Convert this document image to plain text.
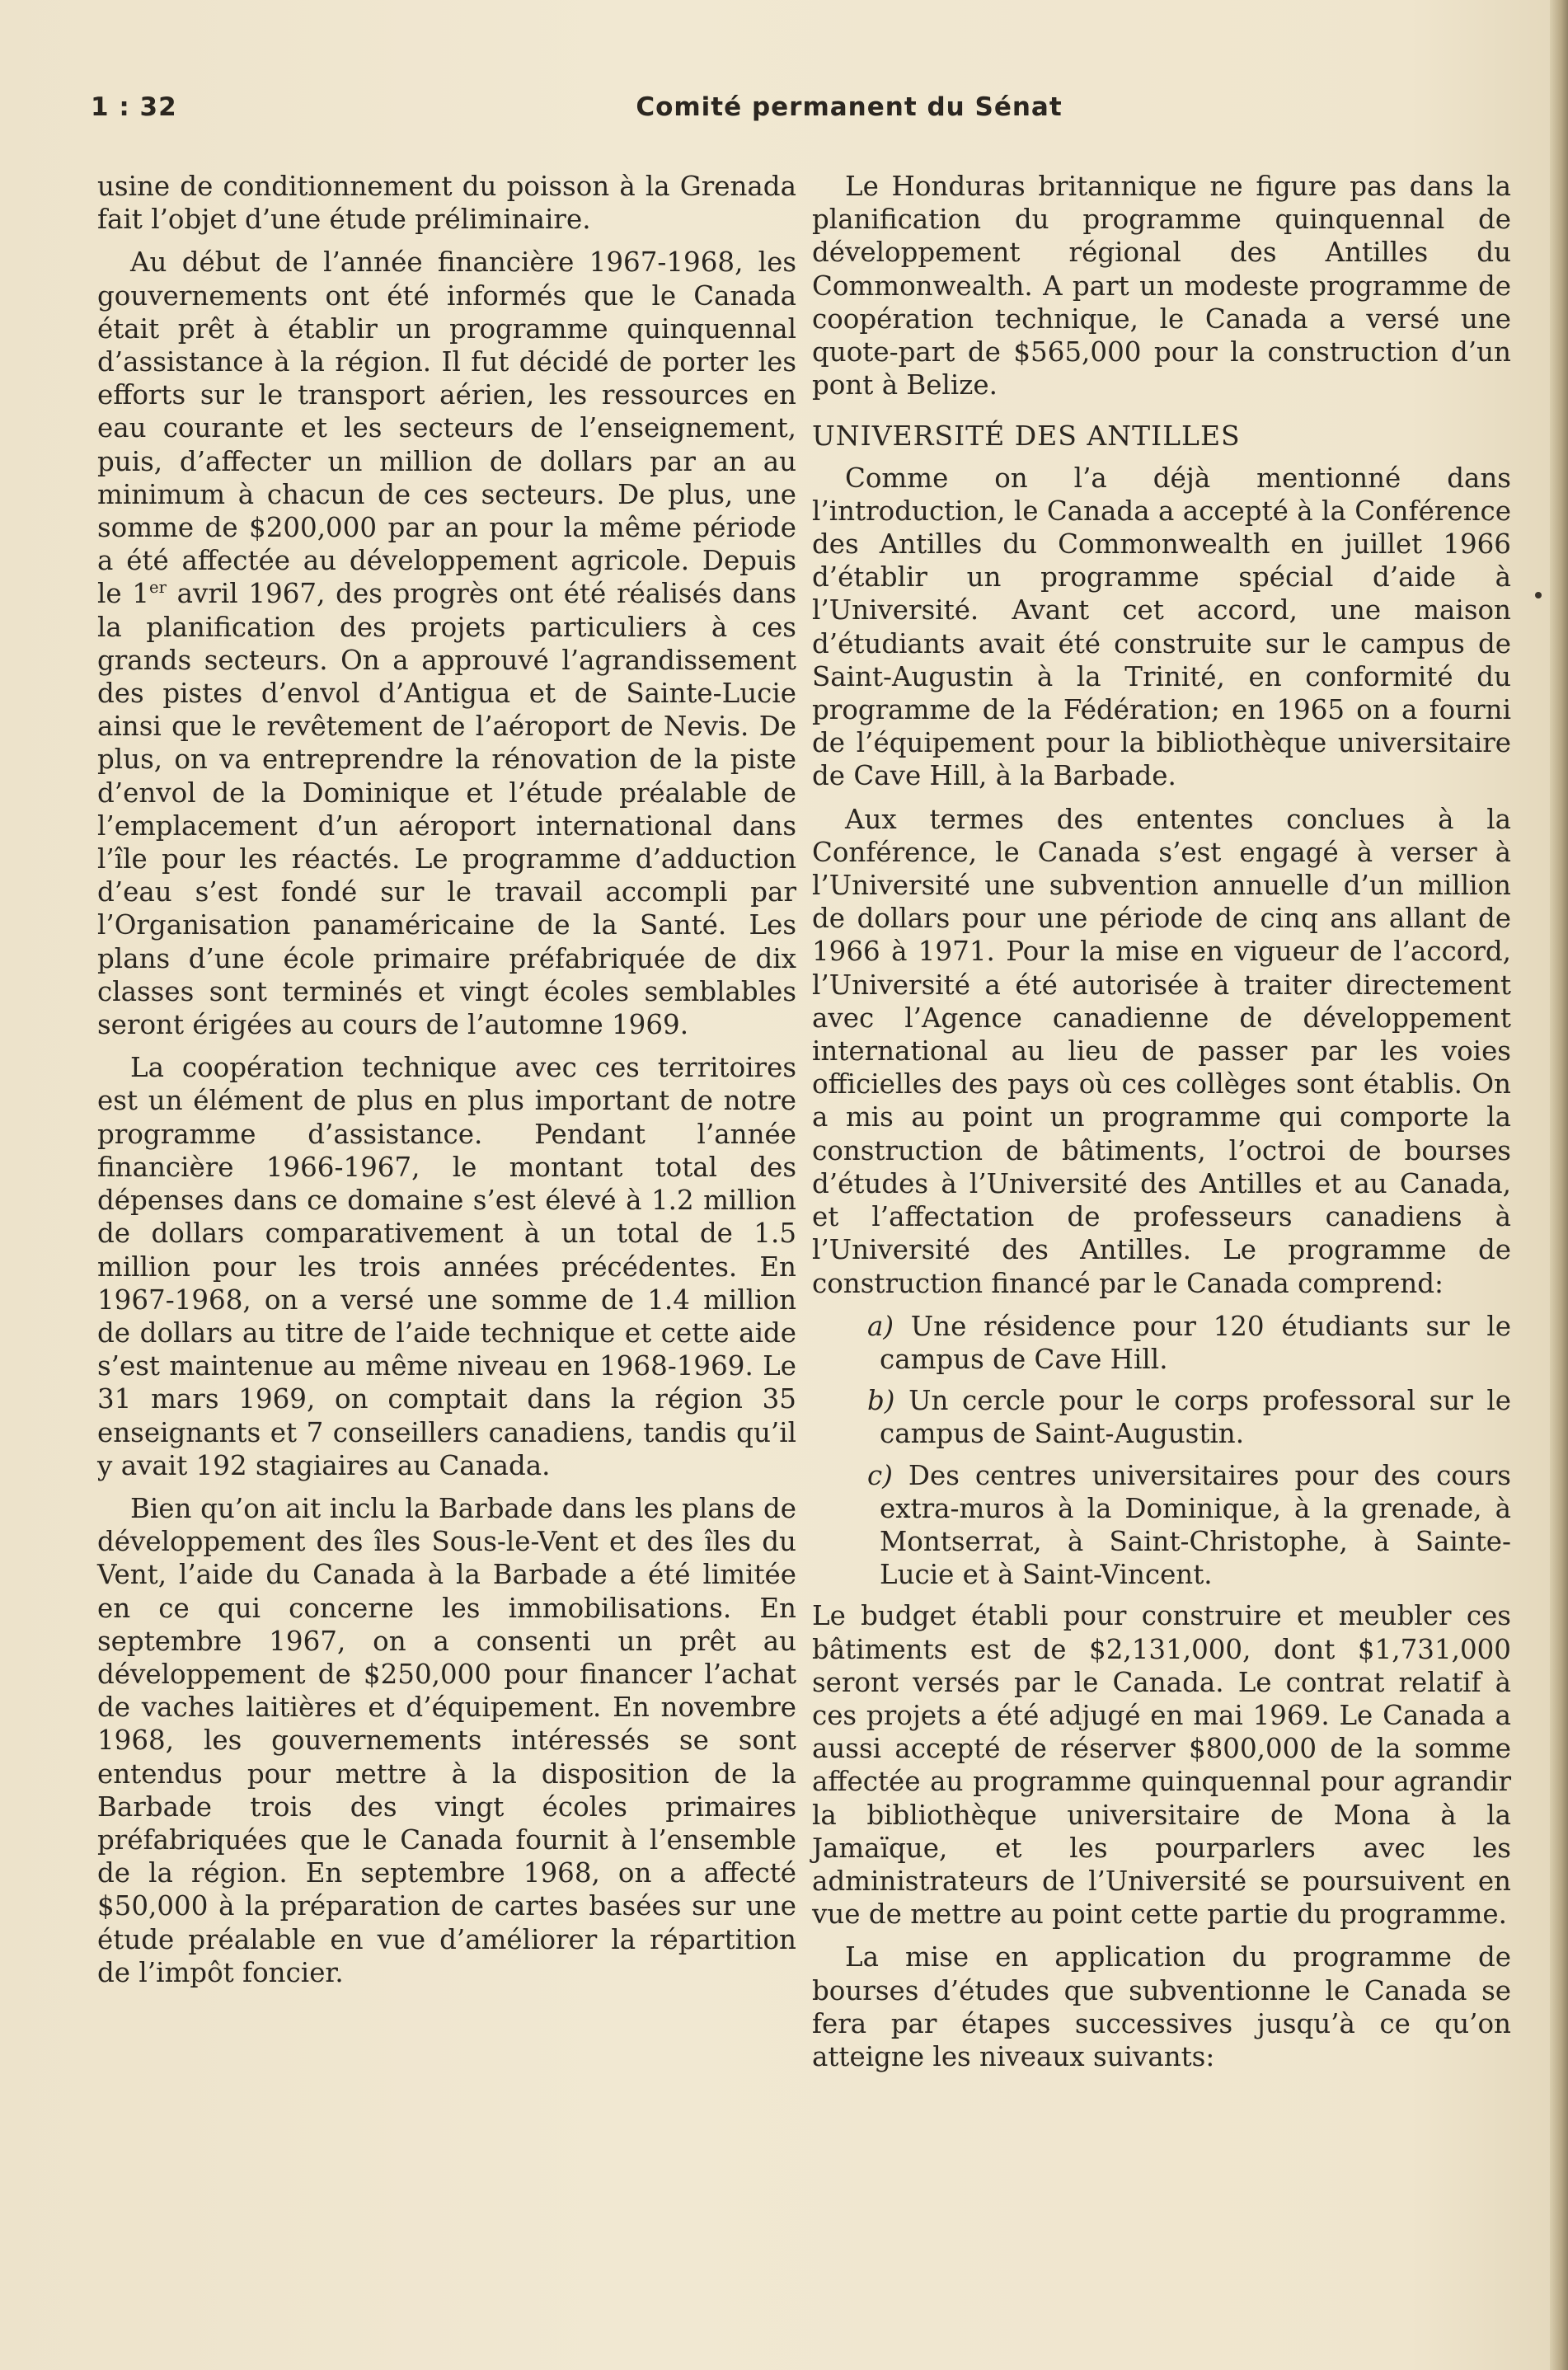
1 : 32	Comité permanent du Sénat

usine de conditionnement du poisson à la Grenada fait l’objet d’une étude préliminaire.

Au début de l’année financière 1967-1968, les gouvernements ont été informés que le Canada était prêt à établir un programme quinquennal d’assistance à la région. Il fut décidé de porter les efforts sur le transport aérien, les ressources en eau courante et les secteurs de l’enseignement, puis, d’affecter un million de dollars par an au minimum à chacun de ces secteurs. De plus, une somme de $200,000 par an pour la même période a été affectée au développement agricole. Depuis le 1er avril 1967, des progrès ont été réalisés dans la planification des projets particuliers à ces grands secteurs. On a approuvé l’agrandissement des pistes d’envol d’Antigua et de Sainte-Lucie ainsi que le revêtement de l’aéroport de Nevis. De plus, on va entreprendre la rénovation de la piste d’envol de la Dominique et l’étude préalable de l’emplacement d’un aéroport international dans l’île pour les réactés. Le programme d’adduction d’eau s’est fondé sur le travail accompli par l’Organisation panaméricaine de la Santé. Les plans d’une école primaire préfabriquée de dix classes sont terminés et vingt écoles semblables seront érigées au cours de l’automne 1969.

La coopération technique avec ces territoires est un élément de plus en plus important de notre programme d’assistance. Pendant l’année financière 1966-1967, le montant total des dépenses dans ce domaine s’est élevé à 1.2 million de dollars comparativement à un total de 1.5 million pour les trois années précédentes. En 1967-1968, on a versé une somme de 1.4 million de dollars au titre de l’aide technique et cette aide s’est maintenue au même niveau en 1968-1969. Le 31 mars 1969, on comptait dans la région 35 enseignants et 7 conseillers canadiens, tandis qu’il y avait 192 stagiaires au Canada.

Bien qu’on ait inclu la Barbade dans les plans de développement des îles Sous-le-Vent et des îles du Vent, l’aide du Canada à la Barbade a été limitée en ce qui concerne les immobilisations. En septembre 1967, on a consenti un prêt au développement de $250,000 pour financer l’achat de vaches laitières et d’équipement. En novembre 1968, les gouvernements intéressés se sont entendus pour mettre à la disposition de la Barbade trois des vingt écoles primaires préfabriquées que le Canada fournit à l’ensemble de la région. En septembre 1968, on a affecté $50,000 à la préparation de cartes basées sur une étude préalable en vue d’améliorer la répartition de l’impôt foncier.

Le Honduras britannique ne figure pas dans la planification du programme quinquennal de développement régional des Antilles du Commonwealth. A part un modeste programme de coopération technique, le Canada a versé une quote-part de $565,000 pour la construction d’un pont à Belize.

UNIVERSITÉ DES ANTILLES

Comme on l’a déjà mentionné dans l’introduction, le Canada a accepté à la Conférence des Antilles du Commonwealth en juillet 1966 d’établir un programme spécial d’aide à l’Université. Avant cet accord, une maison d’étudiants avait été construite sur le campus de Saint-Augustin à la Trinité, en conformité du programme de la Fédération; en 1965 on a fourni de l’équipement pour la bibliothèque universitaire de Cave Hill, à la Barbade.

Aux termes des ententes conclues à la Conférence, le Canada s’est engagé à verser à l’Université une subvention annuelle d’un million de dollars pour une période de cinq ans allant de 1966 à 1971. Pour la mise en vigueur de l’accord, l’Université a été autorisée à traiter directement avec l’Agence canadienne de développement international au lieu de passer par les voies officielles des pays où ces collèges sont établis. On a mis au point un programme qui comporte la construction de bâtiments, l’octroi de bourses d’études à l’Université des Antilles et au Canada, et l’affectation de professeurs canadiens à l’Université des Antilles. Le programme de construction financé par le Canada comprend:

a) Une résidence pour 120 étudiants sur le campus de Cave Hill.

b) Un cercle pour le corps professoral sur le campus de Saint-Augustin.

c) Des centres universitaires pour des cours extra-muros à la Dominique, à la grenade, à Montserrat, à Saint-Christophe, à Sainte-Lucie et à Saint-Vincent.

Le budget établi pour construire et meubler ces bâtiments est de $2,131,000, dont $1,731,000 seront versés par le Canada. Le contrat relatif à ces projets a été adjugé en mai 1969. Le Canada a aussi accepté de réserver $800,000 de la somme affectée au programme quinquennal pour agrandir la bibliothèque universitaire de Mona à la Jamaïque, et les pourparlers avec les administrateurs de l’Université se poursuivent en vue de mettre au point cette partie du programme.

La mise en application du programme de bourses d’études que subventionne le Canada se fera par étapes successives jusqu’à ce qu’on atteigne les niveaux suivants:
